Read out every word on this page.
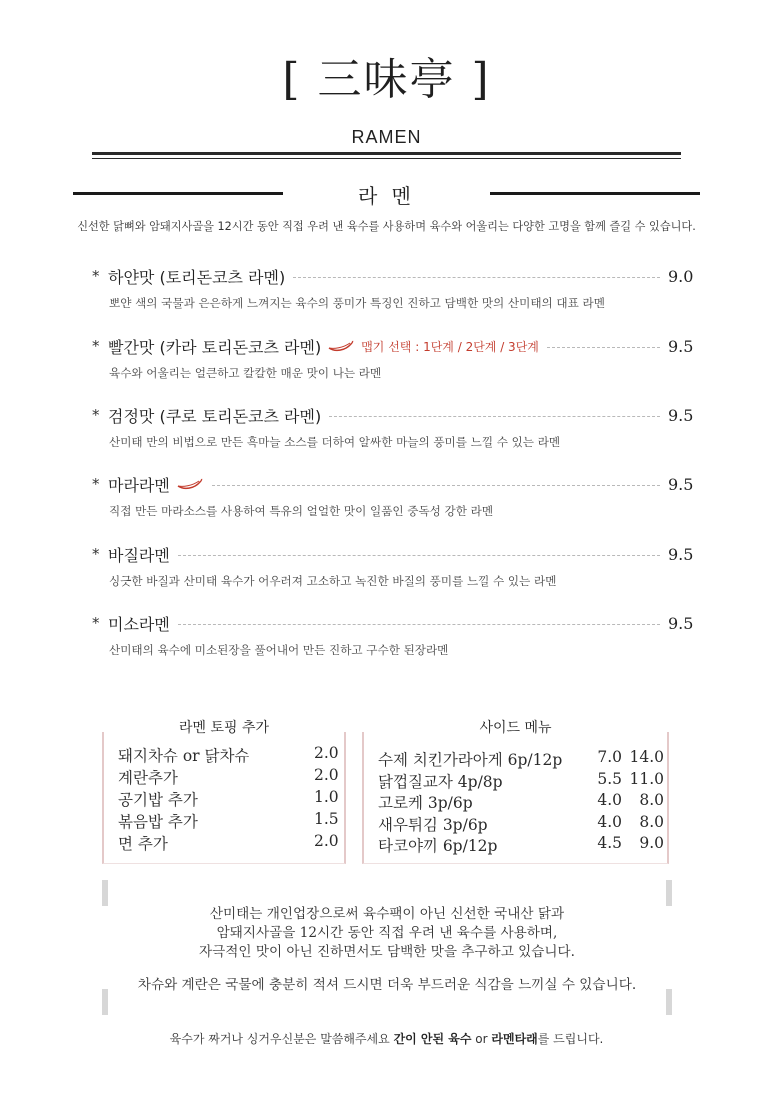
[ 三味亭 ]
RAMEN
라 멘
신선한 닭뼈와 암돼지사골을 12시간 동안 직접 우려 낸 육수를 사용하며 육수와 어울리는 다양한 고명을 함께 즐길 수 있습니다.
* 하얀맛 (토리돈코츠 라멘)	9.0
뽀얀 색의 국물과 은은하게 느껴지는 육수의 풍미가 특징인 진하고 담백한 맛의 산미태의 대표 라멘
* 빨간맛 (카라 토리돈코츠 라멘)	맵기 선택 : 1단계 / 2단계 / 3단계	9.5
육수와 어울리는 얼큰하고 칼칼한 매운 맛이 나는 라멘
* 검정맛 (쿠로 토리돈코츠 라멘)	9.5
산미태 만의 비법으로 만든 흑마늘 소스를 더하여 알싸한 마늘의 풍미를 느낄 수 있는 라멘
* 마라라멘	9.5
직접 만든 마라소스를 사용하여 특유의 얼얼한 맛이 일품인 중독성 강한 라멘
* 바질라멘	9.5
싱긋한 바질과 산미태 육수가 어우러져 고소하고 녹진한 바질의 풍미를 느낄 수 있는 라멘
* 미소라멘	9.5
산미태의 육수에 미소된장을 풀어내어 만든 진하고 구수한 된장라멘
라멘 토핑 추가
돼지차슈 or 닭차슈	2.0
계란추가	2.0
공기밥 추가	1.0
볶음밥 추가	1.5
면 추가	2.0
사이드 메뉴
수제 치킨가라아게 6p/12p 7.0 14.0
닭껍질교자 4p/8p	5.5 11.0
고로케 3p/6p	4.0	8.0
새우튀김 3p/6p	4.0	8.0
타코야끼 6p/12p	4.5	9.0
산미태는 개인업장으로써 육수팩이 아닌 신선한 국내산 닭과
암돼지사골을 12시간 동안 직접 우려 낸 육수를 사용하며,
자극적인 맛이 아닌 진하면서도 담백한 맛을 추구하고 있습니다.
차슈와 계란은 국물에 충분히 적셔 드시면 더욱 부드러운 식감을 느끼실 수 있습니다.
육수가 짜거나 싱거우신분은 말씀해주세요 간이 안된 육수 or 라멘타래를 드립니다.
